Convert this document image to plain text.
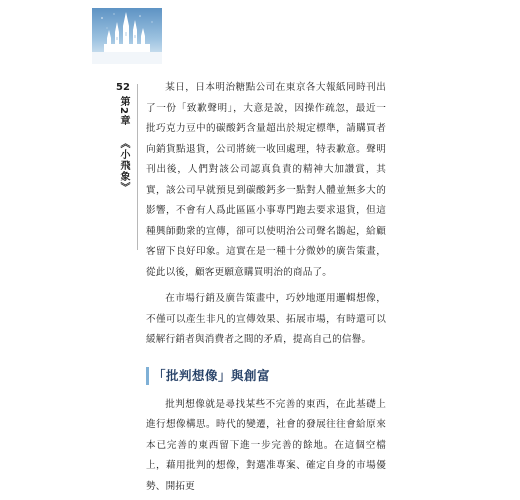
52
第2章
《小飛象》

某日，日本明治糖點公司在東京各大報紙同時刊出了一份「致歉聲明」，大意是說，因操作疏忽，最近一批巧克力豆中的碳酸鈣含量超出於規定標準，請購買者向銷貨點退貨，公司將統一收回處理，特表歉意。聲明刊出後，人們對該公司認真負責的精神大加讚賞，其實，該公司早就預見到碳酸鈣多一點對人體並無多大的影響，不會有人爲此區區小事專門跑去要求退貨，但這種興師動衆的宣傳，卻可以使明治公司聲名鵲起，給顧客留下良好印象。這實在是一種十分微妙的廣告策畫，從此以後，顧客更願意購買明治的商品了。

在市場行銷及廣告策畫中，巧妙地運用邏輯想像，不僅可以產生非凡的宣傳效果、拓展市場，有時還可以緩解行銷者與消費者之間的矛盾，提高自己的信譽。

「批判想像」與創富

批判想像就是尋找某些不完善的東西，在此基礎上進行想像構思。時代的變遷，社會的發展往往會給原來本已完善的東西留下進一步完善的餘地。在這個空檔上，藉用批判的想像，對選准專案、確定自身的市場優勢、開拓更
